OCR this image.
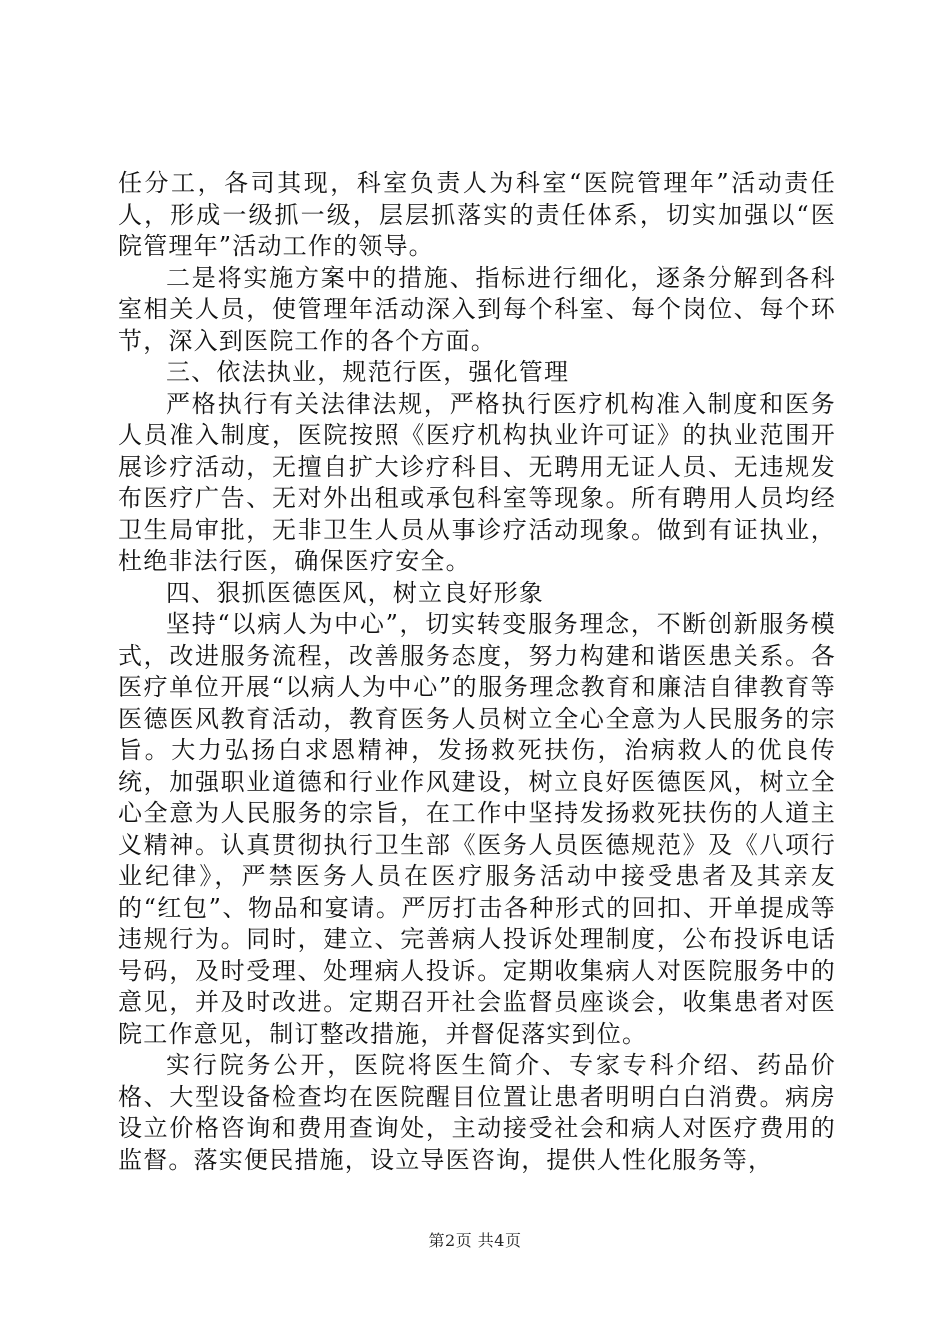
任分工，各司其现，科室负责人为科室“医院管理年”活动责任人，形成一级抓一级，层层抓落实的责任体系，切实加强以“医院管理年”活动工作的领导。

二是将实施方案中的措施、指标进行细化，逐条分解到各科室相关人员，使管理年活动深入到每个科室、每个岗位、每个环节，深入到医院工作的各个方面。

三、依法执业，规范行医，强化管理

严格执行有关法律法规，严格执行医疗机构准入制度和医务人员准入制度，医院按照《医疗机构执业许可证》的执业范围开展诊疗活动，无擅自扩大诊疗科目、无聘用无证人员、无违规发布医疗广告、无对外出租或承包科室等现象。所有聘用人员均经卫生局审批，无非卫生人员从事诊疗活动现象。做到有证执业，杜绝非法行医，确保医疗安全。

四、狠抓医德医风，树立良好形象

坚持“以病人为中心”，切实转变服务理念，不断创新服务模式，改进服务流程，改善服务态度，努力构建和谐医患关系。各医疗单位开展“以病人为中心”的服务理念教育和廉洁自律教育等医德医风教育活动，教育医务人员树立全心全意为人民服务的宗旨。大力弘扬白求恩精神，发扬救死扶伤，治病救人的优良传统，加强职业道德和行业作风建设，树立良好医德医风，树立全心全意为人民服务的宗旨，在工作中坚持发扬救死扶伤的人道主义精神。认真贯彻执行卫生部《医务人员医德规范》及《八项行业纪律》，严禁医务人员在医疗服务活动中接受患者及其亲友的“红包”、物品和宴请。严厉打击各种形式的回扣、开单提成等违规行为。同时，建立、完善病人投诉处理制度，公布投诉电话号码，及时受理、处理病人投诉。定期收集病人对医院服务中的意见，并及时改进。定期召开社会监督员座谈会，收集患者对医院工作意见，制订整改措施，并督促落实到位。

实行院务公开，医院将医生简介、专家专科介绍、药品价格、大型设备检查均在医院醒目位置让患者明明白白消费。病房设立价格咨询和费用查询处，主动接受社会和病人对医疗费用的监督。落实便民措施，设立导医咨询，提供人性化服务等，

第2页 共4页
